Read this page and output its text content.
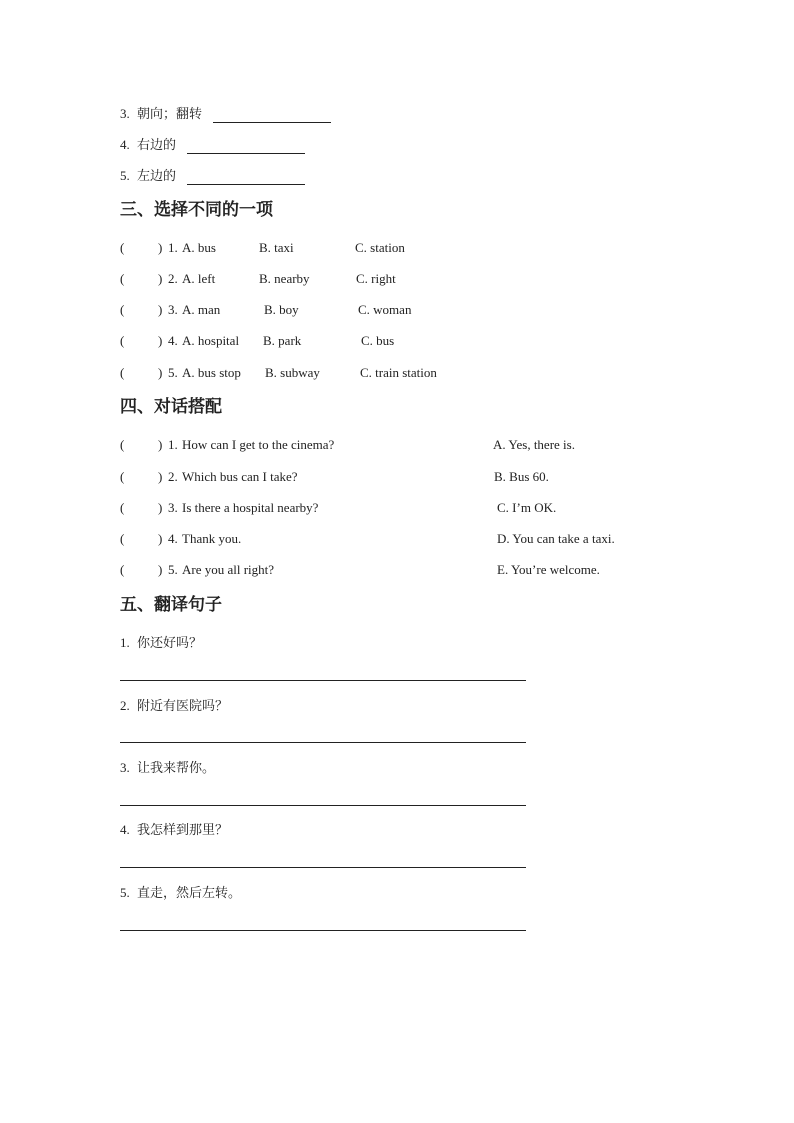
3. 朝向；翻转
4. 右边的
5. 左边的
三、选择不同的一项
(	) 1. A. bus	B. taxi	C. station
(	) 2. A. left	B. nearby	C. right
(	) 3. A. man	B. boy	C. woman
(	) 4. A. hospital B. park	C. bus
(	) 5. A. bus stop B. subway	C. train station
四、对话搭配
(	) 1. How can I get to the cinema?	A. Yes, there is.
(	) 2. Which bus can I take?	B. Bus 60.
(	) 3. Is there a hospital nearby?	C. I’m OK.
(	) 4. Thank you.	D. You can take a taxi.
(	) 5. Are you all right?	E. You’re welcome.
五、翻译句子
1. 你还好吗？
2. 附近有医院吗？
3. 让我来帮你。
4. 我怎样到那里？
5. 直走，然后左转。
